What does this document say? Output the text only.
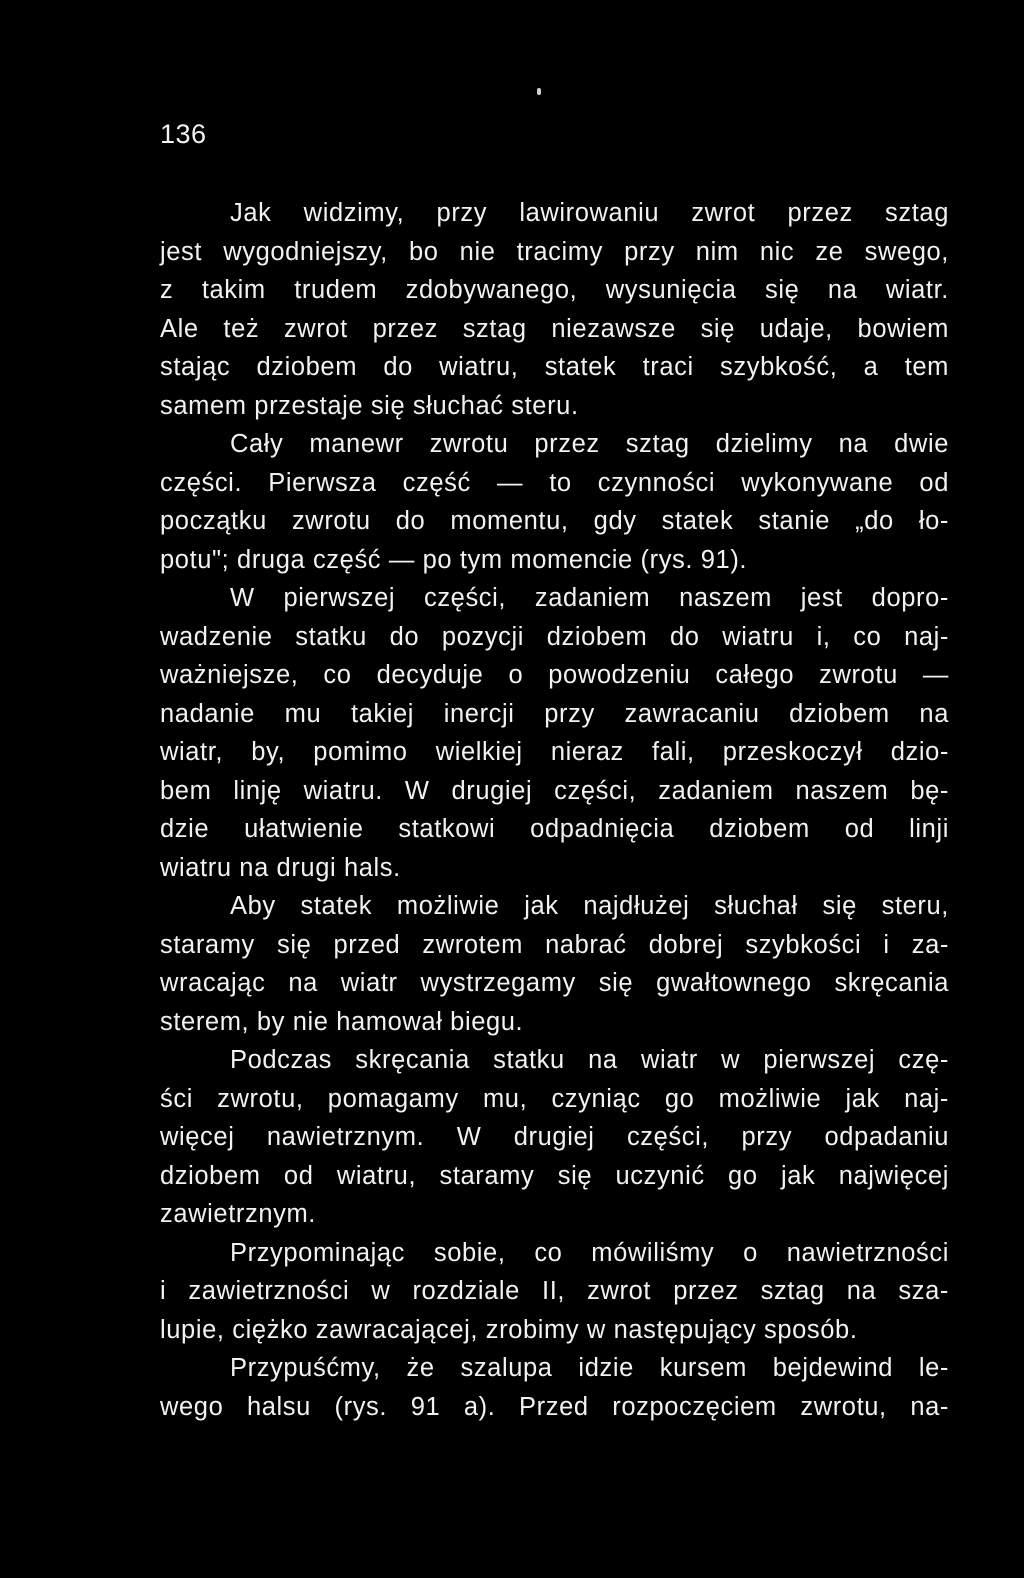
136
Jak widzimy, przy lawirowaniu zwrot przez sztag
jest wygodniejszy, bo nie tracimy przy nim nic ze swego,
z takim trudem zdobywanego, wysunięcia się na wiatr.
Ale też zwrot przez sztag niezawsze się udaje, bowiem
stając dziobem do wiatru, statek traci szybkość, a tem
samem przestaje się słuchać steru.
Cały manewr zwrotu przez sztag dzielimy na dwie
części. Pierwsza część — to czynności wykonywane od
początku zwrotu do momentu, gdy statek stanie „do ło-
potu"; druga część — po tym momencie (rys. 91).
W pierwszej części, zadaniem naszem jest dopro-
wadzenie statku do pozycji dziobem do wiatru i, co naj-
ważniejsze, co decyduje o powodzeniu całego zwrotu —
nadanie mu takiej inercji przy zawracaniu dziobem na
wiatr, by, pomimo wielkiej nieraz fali, przeskoczył dzio-
bem linję wiatru. W drugiej części, zadaniem naszem bę-
dzie ułatwienie statkowi odpadnięcia dziobem od linji
wiatru na drugi hals.
Aby statek możliwie jak najdłużej słuchał się steru,
staramy się przed zwrotem nabrać dobrej szybkości i za-
wracając na wiatr wystrzegamy się gwałtownego skręcania
sterem, by nie hamował biegu.
Podczas skręcania statku na wiatr w pierwszej czę-
ści zwrotu, pomagamy mu, czyniąc go możliwie jak naj-
więcej nawietrznym. W drugiej części, przy odpadaniu
dziobem od wiatru, staramy się uczynić go jak najwięcej
zawietrznym.
Przypominając sobie, co mówiliśmy o nawietrzności
i zawietrzności w rozdziale II, zwrot przez sztag na sza-
lupie, ciężko zawracającej, zrobimy w następujący sposób.
Przypuśćmy, że szalupa idzie kursem bejdewind le-
wego halsu (rys. 91 a). Przed rozpoczęciem zwrotu, na-
